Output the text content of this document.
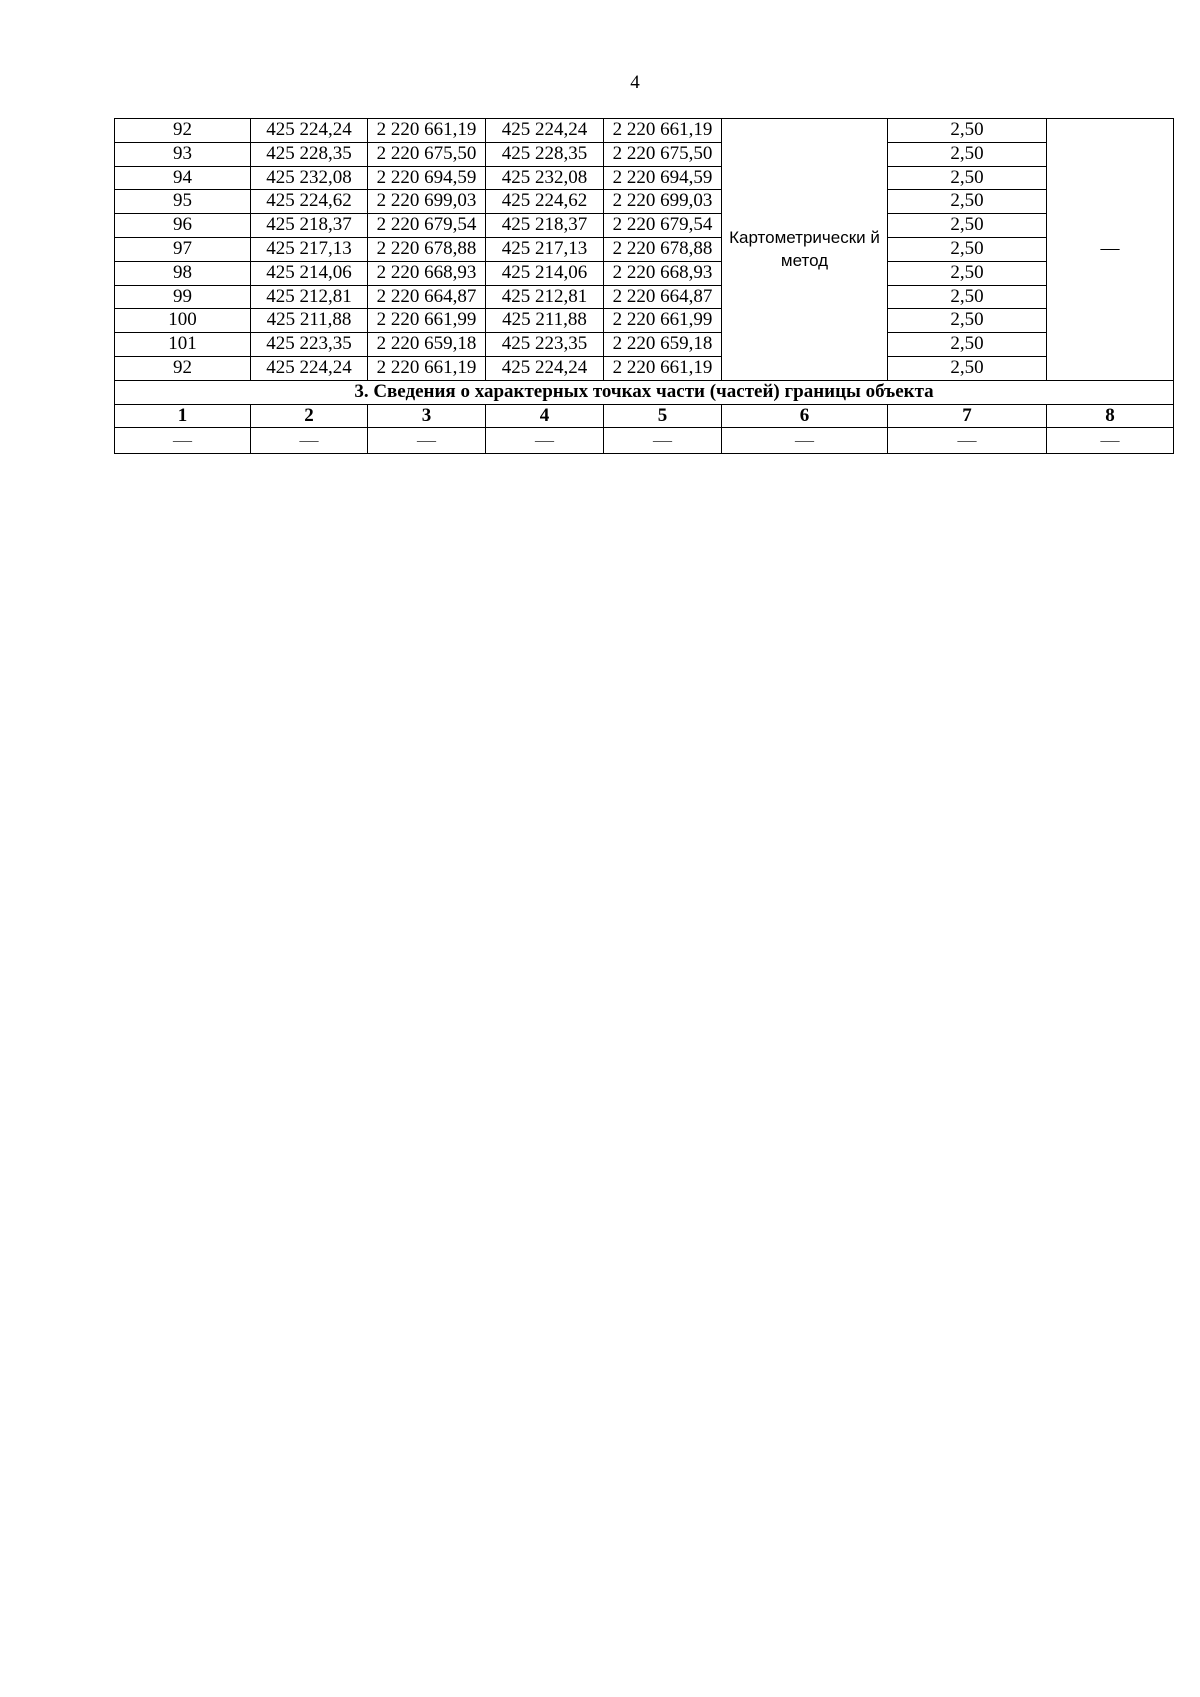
4
92	425 224,24	2 220 661,19	425 224,24	2 220 661,19	Картометрически й метод	2,50	—
93	425 228,35	2 220 675,50	425 228,35	2 220 675,50		2,50	
94	425 232,08	2 220 694,59	425 232,08	2 220 694,59		2,50	
95	425 224,62	2 220 699,03	425 224,62	2 220 699,03		2,50	
96	425 218,37	2 220 679,54	425 218,37	2 220 679,54		2,50	
97	425 217,13	2 220 678,88	425 217,13	2 220 678,88		2,50	
98	425 214,06	2 220 668,93	425 214,06	2 220 668,93		2,50	
99	425 212,81	2 220 664,87	425 212,81	2 220 664,87		2,50	
100	425 211,88	2 220 661,99	425 211,88	2 220 661,99		2,50	
101	425 223,35	2 220 659,18	425 223,35	2 220 659,18		2,50	
92	425 224,24	2 220 661,19	425 224,24	2 220 661,19		2,50	
3. Сведения о характерных точках части (частей) границы объекта							
1	2	3	4	5	6	7	8
—	—	—	—	—	—	—	—
